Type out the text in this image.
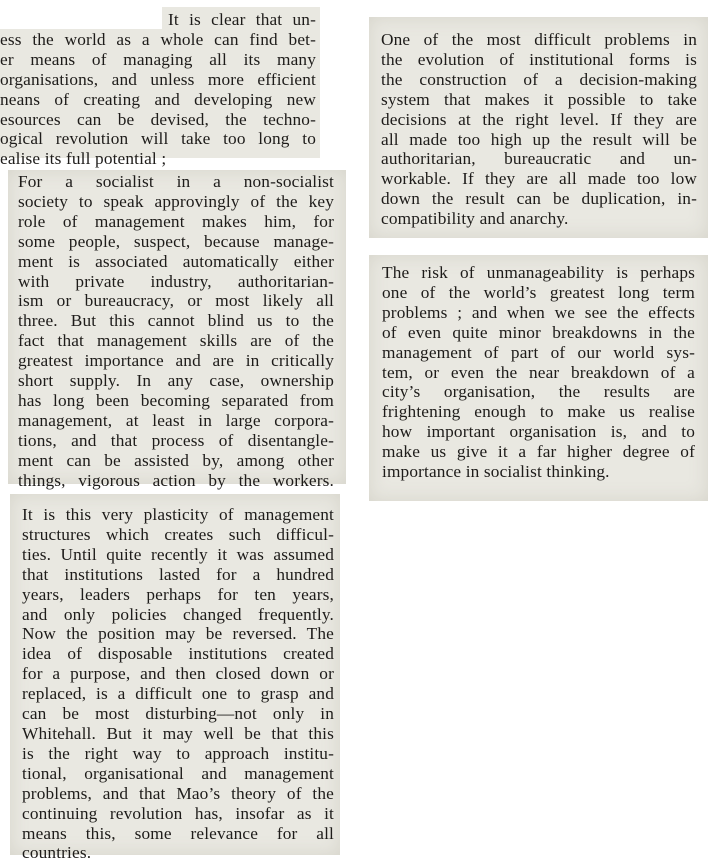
It is clear that un-
ess the world as a whole can find bet-
er means of managing all its many
organisations, and unless more efficient
neans of creating and developing new
esources can be devised, the techno-
ogical revolution will take too long to
ealise its full potential ;
For a socialist in a non-socialist
society to speak approvingly of the key
role of management makes him, for
some people, suspect, because manage-
ment is associated automatically either
with private industry, authoritarian-
ism or bureaucracy, or most likely all
three. But this cannot blind us to the
fact that management skills are of the
greatest importance and are in critically
short supply. In any case, ownership
has long been becoming separated from
management, at least in large corpora-
tions, and that process of disentangle-
ment can be assisted by, among other
things, vigorous action by the workers.
It is this very plasticity of management
structures which creates such difficul-
ties. Until quite recently it was assumed
that institutions lasted for a hundred
years, leaders perhaps for ten years,
and only policies changed frequently.
Now the position may be reversed. The
idea of disposable institutions created
for a purpose, and then closed down or
replaced, is a difficult one to grasp and
can be most disturbing—not only in
Whitehall. But it may well be that this
is the right way to approach institu-
tional, organisational and management
problems, and that Mao’s theory of the
continuing revolution has, insofar as it
means this, some relevance for all
countries.
One of the most difficult problems in
the evolution of institutional forms is
the construction of a decision-making
system that makes it possible to take
decisions at the right level. If they are
all made too high up the result will be
authoritarian, bureaucratic and un-
workable. If they are all made too low
down the result can be duplication, in-
compatibility and anarchy.
The risk of unmanageability is perhaps
one of the world’s greatest long term
problems ; and when we see the effects
of even quite minor breakdowns in the
management of part of our world sys-
tem, or even the near breakdown of a
city’s organisation, the results are
frightening enough to make us realise
how important organisation is, and to
make us give it a far higher degree of
importance in socialist thinking.
